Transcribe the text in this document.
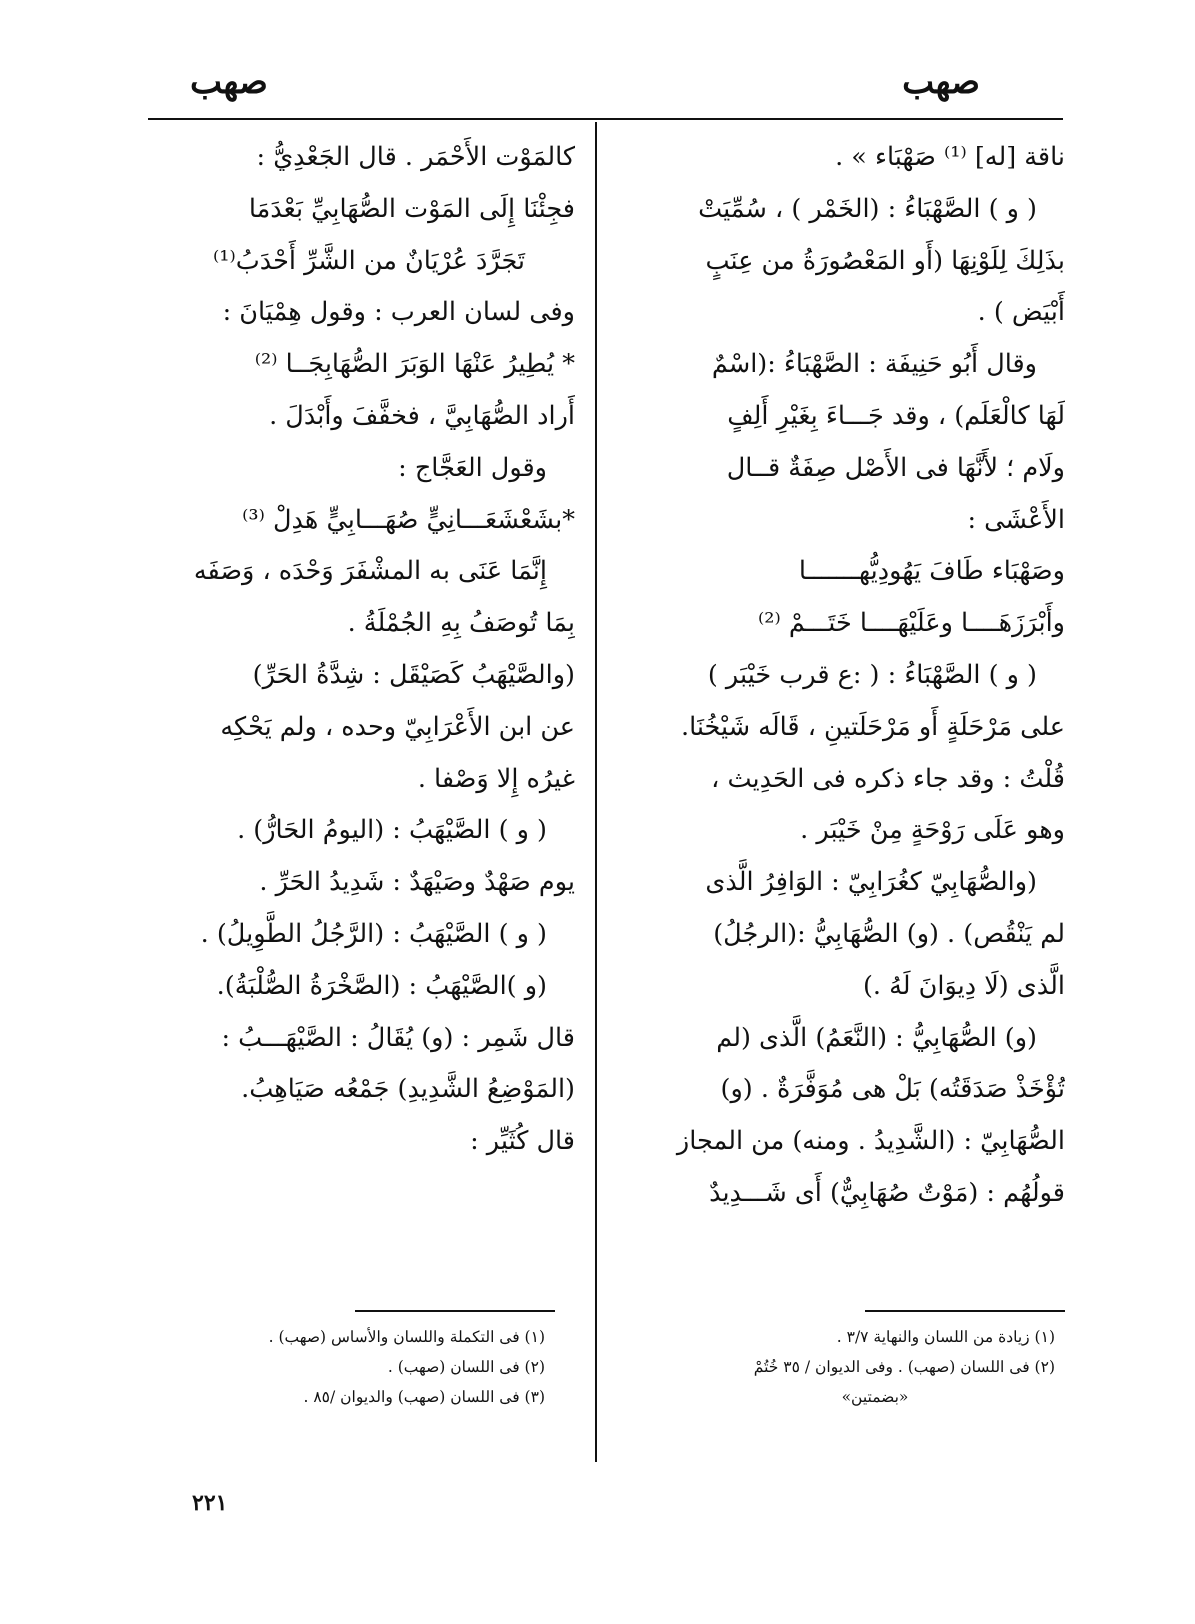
صهب
صهب
ناقة [له] ⁽¹⁾ صَهْبَاء » .
( و ) الصَّهْبَاءُ : (الخَمْر ) ، سُمِّيَتْ
بذَلِكَ لِلَوْنِهَا (أَو المَعْصُورَةُ من عِنَبٍ
أَبْيَض ) .
وقال أَبُو حَنِيفَة : الصَّهْبَاءُ :(اسْمٌ
لَهَا كالْعَلَم) ، وقد جَـــاءَ بِغَيْرِ أَلِفٍ
ولَام ؛ لأَنَّهَا فى الأَصْل صِفَةٌ قــال
الأَعْشَى :
وصَهْبَاء طَافَ يَهُودِيُّهـــــــا
وأَبْرَزَهَــــا وعَلَيْهَــــا خَتَـــمْ ⁽²⁾
( و ) الصَّهْبَاءُ : ( :ع قرب خَيْبَر )
على مَرْحَلَةٍ أَو مَرْحَلَتينِ ، قَالَه شَيْخُنَا.
قُلْتُ : وقد جاء ذكره فى الحَدِيث ،
وهو عَلَى رَوْحَةٍ مِنْ خَيْبَر .
(والصُّهَابِيّ كغُرَابِيّ : الوَافِرُ الَّذى
لم يَنْقُص) . (و) الصُّهَابِيُّ :(الرجُلُ)
الَّذى (لَا دِيوَانَ لَهُ .)
(و) الصُّهَابِيُّ : (النَّعَمُ) الَّذى (لم
تُؤْخَذْ صَدَقَتُه) بَلْ هى مُوَفَّرَةٌ . (و)
الصُّهَابِيّ : (الشَّدِيدُ . ومنه) من المجاز
قولُهُم : (مَوْتٌ صُهَابِيٌّ) أَى شَـــدِيدٌ
كالمَوْت الأَحْمَر . قال الجَعْدِيُّ :
فجِئْنَا إِلَى المَوْت الصُّهَابِيِّ بَعْدَمَا
تَجَرَّدَ عُرْيَانٌ من الشَّرِّ أَحْدَبُ⁽¹⁾
وفى لسان العرب : وقول هِمْيَانَ :
* يُطِيرُ عَنْهَا الوَبَرَ الصُّهَابِجَــا ⁽²⁾
أَراد الصُّهَابِيَّ ، فخفَّفَ وأَبْدَلَ .
وقول العَجَّاج :
*بشَعْشَعَـــانِيٍّ صُهَـــابِيٍّ هَدِلْ ⁽³⁾
إِنَّمَا عَنَى به المشْفَرَ وَحْدَه ، وَصَفَه
بِمَا تُوصَفُ بِهِ الجُمْلَةُ .
(والصَّيْهَبُ كَصَيْقَل : شِدَّةُ الحَرِّ)
عن ابن الأَعْرَابِيّ وحده ، ولم يَحْكِه
غيرُه إِلا وَصْفا .
( و ) الصَّيْهَبُ : (اليومُ الحَارُّ) .
يوم صَهْدٌ وصَيْهَدٌ : شَدِيدُ الحَرِّ .
( و ) الصَّيْهَبُ : (الرَّجُلُ الطَّوِيلُ) .
(و )الصَّيْهَبُ : (الصَّخْرَةُ الصُّلْبَةُ).
قال شَمِر : (و) يُقَالُ : الصَّيْهَـــبُ :
(المَوْضِعُ الشَّدِيدِ) جَمْعُه صَيَاهِبُ.
قال كُثَيِّر :
(١) زيادة من اللسان والنهاية ٣/٧ .
(٢) فى اللسان (صهب) . وفى الديوان / ٣٥ خُتُمْ
«بضمتين»
(١) فى التكملة واللسان والأساس (صهب) .
(٢) فى اللسان (صهب) .
(٣) فى اللسان (صهب) والديوان /٨٥ .
٢٢١
